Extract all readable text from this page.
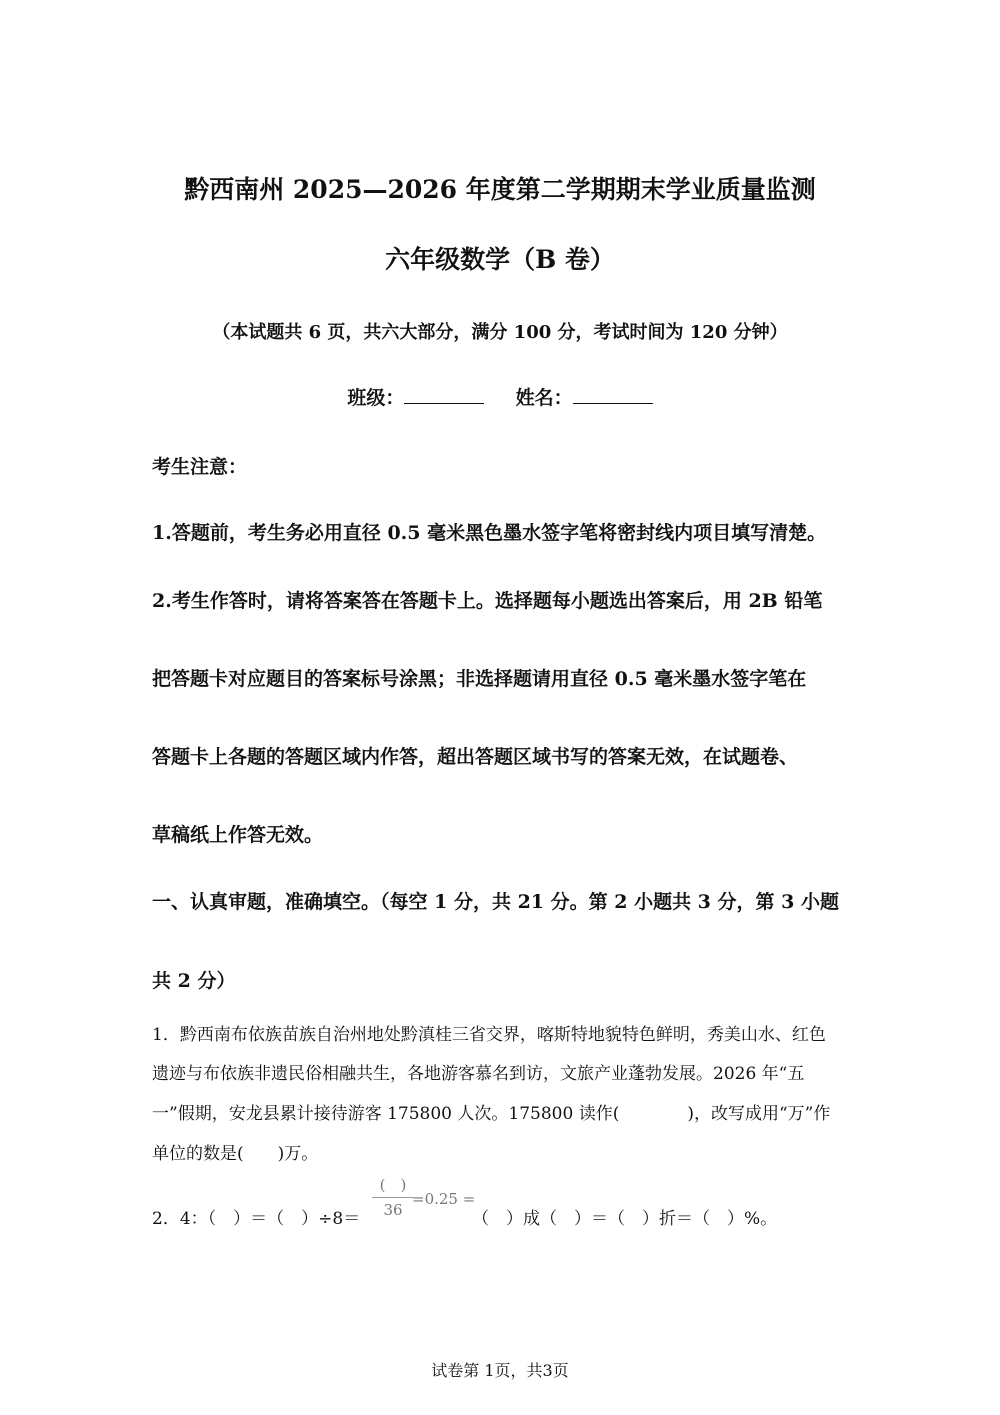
黔西南州 2025—2026 年度第二学期期末学业质量监测
六年级数学（B 卷）
（本试题共 6 页，共六大部分，满分 100 分，考试时间为 120 分钟）
班级：	姓名：
考生注意：
1.答题前，考生务必用直径 0.5 毫米黑色墨水签字笔将密封线内项目填写清楚。
2.考生作答时，请将答案答在答题卡上。选择题每小题选出答案后，用 2B 铅笔
把答题卡对应题目的答案标号涂黑；非选择题请用直径 0.5 毫米墨水签字笔在
答题卡上各题的答题区域内作答，超出答题区域书写的答案无效，在试题卷、
草稿纸上作答无效。
一、认真审题，准确填空。（每空 1 分，共 21 分。第 2 小题共 3 分，第 3 小题
共 2 分）
1．黔西南布依族苗族自治州地处黔滇桂三省交界，喀斯特地貌特色鲜明，秀美山水、红色
遗迹与布依族非遗民俗相融共生，各地游客慕名到访，文旅产业蓬勃发展。2026 年“五
一”假期，安龙县累计接待游客 175800 人次。175800 读作(　　　　)，改写成用“万”作
单位的数是(　　)万。
2．4：（　）＝（　）÷8＝
(　)
36
=0.25 =
（　）成（　）＝（　）折＝（　）%。
试卷第 1页，共3页
